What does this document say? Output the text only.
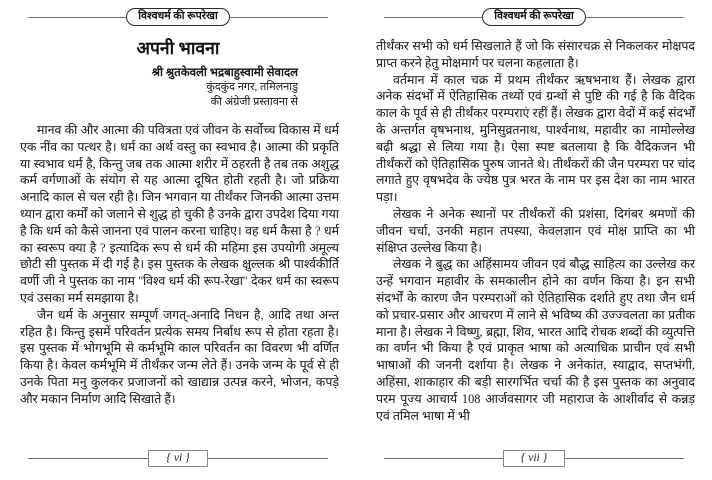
विश्वधर्म की रूपरेखा
अपनी भावना
श्री श्रुतकेवली भद्रबाहुस्वामी सेवादल
कुंदकुंद नगर, तमिलनाडु
की अंग्रेजी प्रस्तावना से

मानव की और आत्मा की पवित्रता एवं जीवन के सर्वोच्च विकास में धर्म एक नींव का पत्थर है। धर्म का अर्थ वस्तु का स्वभाव है। आत्मा की प्रकृति या स्वभाव धर्म है, किन्तु जब तक आत्मा शरीर में ठहरती है तब तक अशुद्ध कर्म वर्गणाओं के संयोग से यह आत्मा दूषित होती रहती है। जो प्रक्रिया अनादि काल से चल रही है। जिन भगवान या तीर्थंकर जिनकी आत्मा उत्तम ध्यान द्वारा कर्मों को जलाने से शुद्ध हो चुकी है उनके द्वारा उपदेश दिया गया है कि धर्म को कैसे जानना एवं पालन करना चाहिए। वह धर्म कैसा है ? धर्म का स्वरूप क्या है ? इत्यादिक रूप से धर्म की महिमा इस उपयोगी अमूल्य छोटी सी पुस्तक में दी गई है। इस पुस्तक के लेखक क्षुल्लक श्री पार्श्वकीर्ति वर्णी जी ने पुस्तक का नाम ''विश्व धर्म की रूप-रेखा'' देकर धर्म का स्वरूप एवं उसका मर्म समझाया है।

जैन धर्म के अनुसार सम्पूर्ण जगत्-अनादि निधन है, आदि तथा अन्त रहित है। किन्तु इसमें परिवर्तन प्रत्येक समय निर्बाध रूप से होता रहता है। इस पुस्तक में भोगभूमि से कर्मभूमि काल परिवर्तन का विवरण भी वर्णित किया है। केवल कर्मभूमि में तीर्थंकर जन्म लेते हैं। उनके जन्म के पूर्व से ही उनके पिता मनु कुलकर प्रजाजनों को खाद्यान्न उत्पन्न करने, भोजन, कपड़े और मकान निर्माण आदि सिखाते हैं।

{ vi }
विश्वधर्म की रूपरेखा

तीर्थंकर सभी को धर्म सिखलाते हैं जो कि संसारचक्र से निकलकर मोक्षपद प्राप्त करने हेतु मोक्षमार्ग पर चलना कहलाता है।

वर्तमान में काल चक्र में प्रथम तीर्थंकर ऋषभनाथ हैं। लेखक द्वारा अनेक संदर्भों में ऐतिहासिक तथ्यों एवं ग्रन्थों से पुष्टि की गई है कि वैदिक काल के पूर्व से ही तीर्थंकर परम्पराएं रहीं हैं। लेखक द्वारा वेदों में कई संदर्भों के अन्तर्गत वृषभनाथ, मुनिसुव्रतनाथ, पार्श्वनाथ, महावीर का नामोल्लेख बढ़ी श्रद्धा से लिया गया है। ऐसा स्पष्ट बतलाया है कि वैदिकजन भी तीर्थंकरों को ऐतिहासिक पुरुष जानते थे। तीर्थंकरों की जैन परम्परा पर चांद लगाते हुए वृषभदेव के ज्येष्ठ पुत्र भरत के नाम पर इस देश का नाम भारत पड़ा।

लेखक ने अनेक स्थानों पर तीर्थंकरों की प्रशंसा, दिगंबर श्रमणों की जीवन चर्चा, उनकी महान तपस्या, केवलज्ञान एवं मोक्ष प्राप्ति का भी संक्षिप्त उल्लेख किया है।

लेखक ने बुद्ध का अहिंसामय जीवन एवं बौद्ध साहित्य का उल्लेख कर उन्हें भगवान महावीर के समकालीन होने का वर्णन किया है। इन सभी संदर्भों के कारण जैन परम्पराओं को ऐतिहासिक दर्शाते हुए तथा जैन धर्म को प्रचार-प्रसार और आचरण में लाने से भविष्य की उज्ज्वलता का प्रतीक माना है। लेखक ने विष्णु, ब्रह्मा, शिव, भारत आदि रोचक शब्दों की व्युत्पत्ति का वर्णन भी किया है एवं प्राकृत भाषा को अत्याधिक प्राचीन एवं सभी भाषाओं की जननी दर्शाया है। लेखक ने अनेकांत, स्याद्वाद, सप्तभंगी, अहिंसा, शाकाहार की बड़ी सारगर्भित चर्चा की है इस पुस्तक का अनुवाद परम पूज्य आचार्य 108 आर्जवसागर जी महाराज के आशीर्वाद से कन्नड़ एवं तमिल भाषा में भी

{ vii }
